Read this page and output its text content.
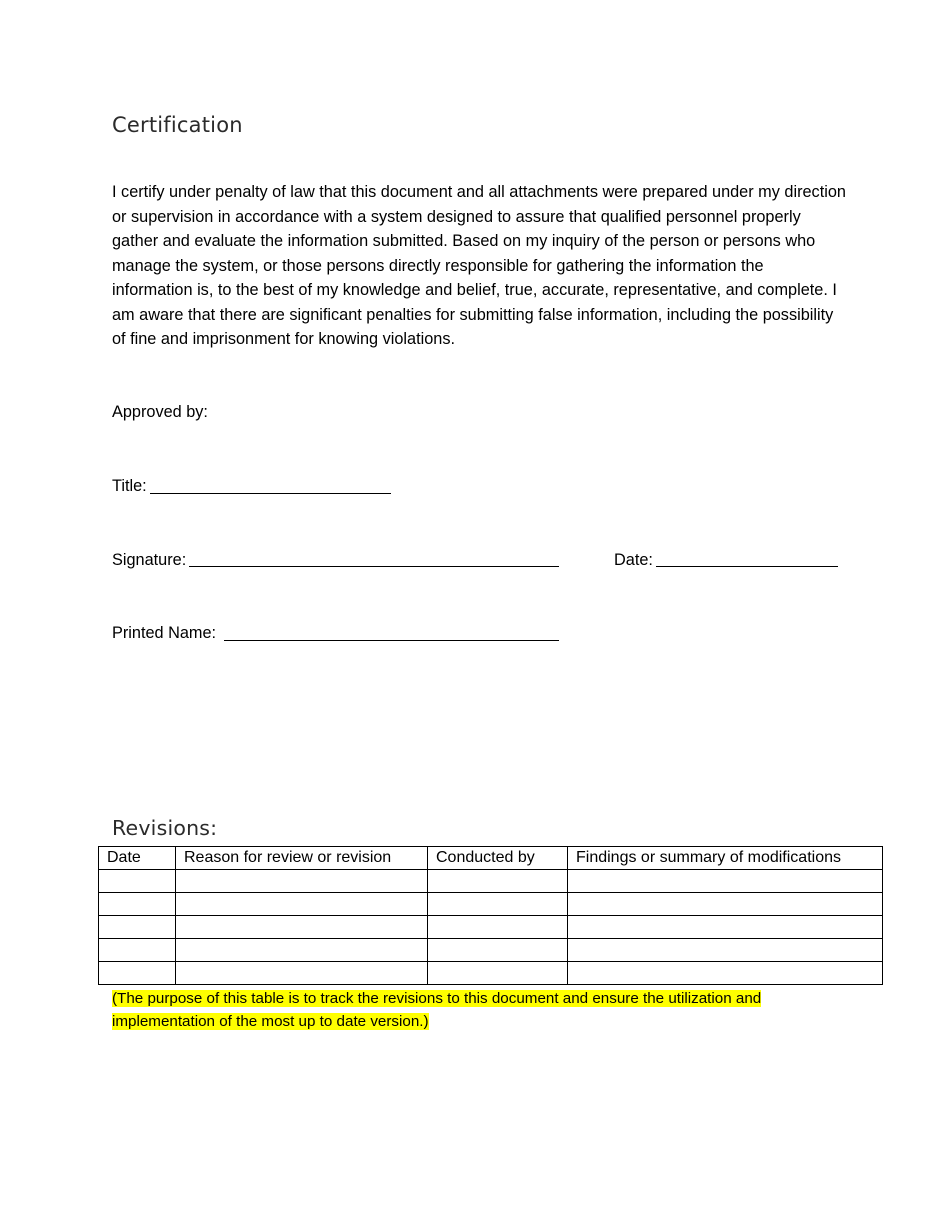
Certification

I certify under penalty of law that this document and all attachments were prepared under my direction or supervision in accordance with a system designed to assure that qualified personnel properly gather and evaluate the information submitted. Based on my inquiry of the person or persons who manage the system, or those persons directly responsible for gathering the information the information is, to the best of my knowledge and belief, true, accurate, representative, and complete. I am aware that there are significant penalties for submitting false information, including the possibility of fine and imprisonment for knowing violations.

Approved by:
Title:
Signature:	Date:
Printed Name:
Revisions:
Date	Reason for review or revision	Conducted by	Findings or summary of modifications

(The purpose of this table is to track the revisions to this document and ensure the utilization and implementation of the most up to date version.)
